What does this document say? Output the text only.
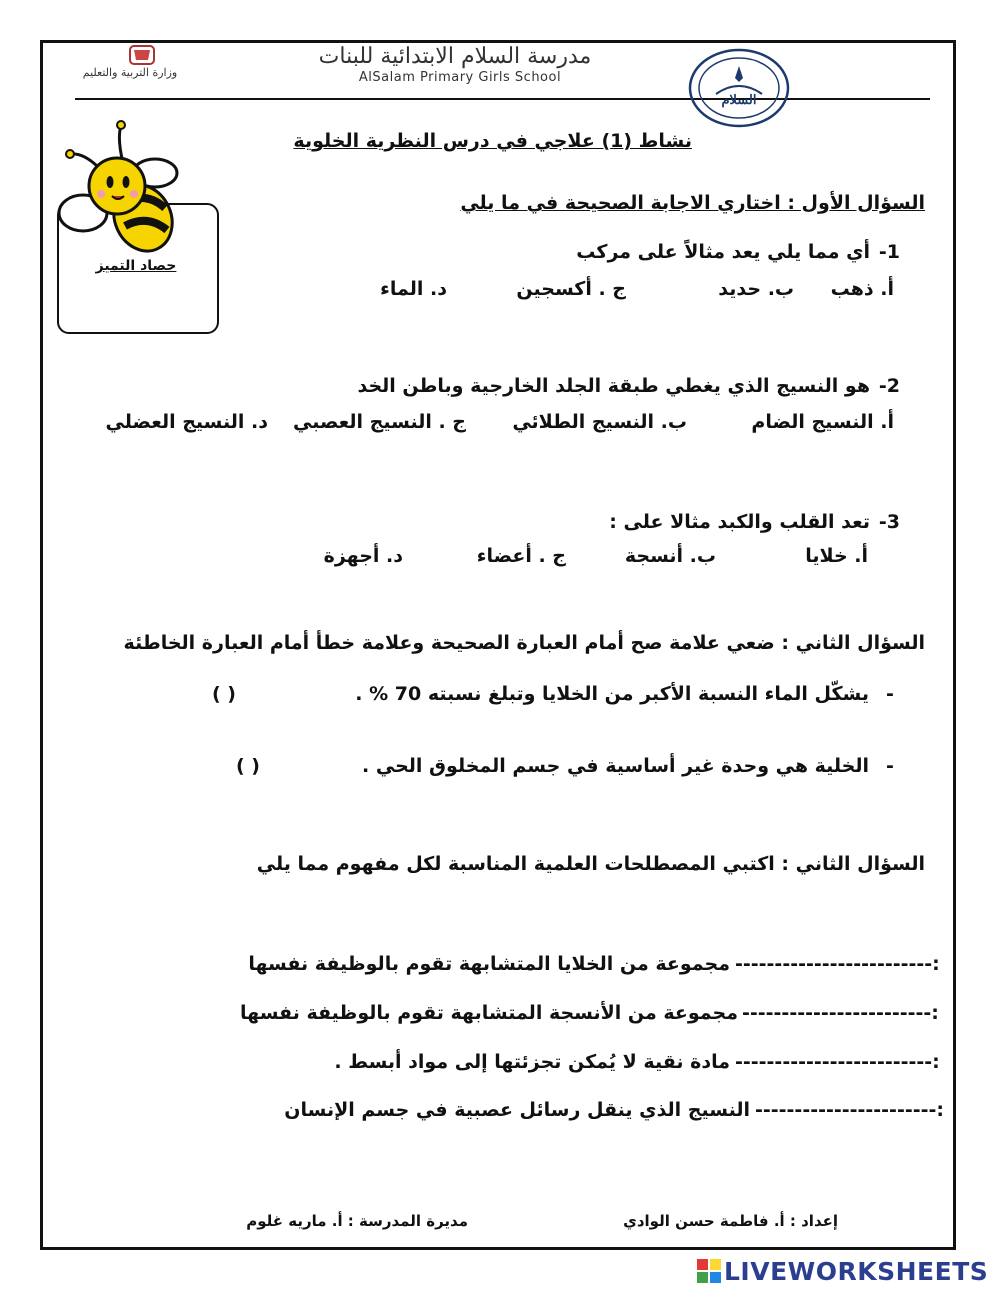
وزارة التربية والتعليم
مدرسة السلام الابتدائية للبنات
AlSalam Primary Girls School
السلام
نشاط (1) علاجي في درس النظرية الخلوية
حصاد التميز
السؤال الأول : اختاري الاجابة الصحيحة في ما يلي
-1
أي مما يلي يعد مثالاً على مركب
أ. ذهب
ب. حديد
ج . أكسجين
د. الماء
-2
هو النسيج الذي يغطي طبقة الجلد الخارجية وباطن الخد
أ. النسيج الضام
ب. النسيج الطلائي
ج . النسيج العصبي
د. النسيج العضلي
-3
تعد القلب والكبد مثالا على :
أ. خلايا
ب. أنسجة
ج . أعضاء
د. أجهزة
السؤال الثاني : ضعي علامة صح أمام العبارة الصحيحة وعلامة خطأ أمام العبارة الخاطئة
-
يشكّل الماء النسبة الأكبر من الخلايا وتبلغ نسبته 70 % .
( )
-
الخلية هي وحدة غير أساسية في جسم المخلوق الحي .
( )
السؤال الثاني : اكتبي المصطلحات العلمية المناسبة لكل مفهوم مما يلي
-------------------------:
مجموعة من الخلايا المتشابهة تقوم بالوظيفة نفسها
------------------------:
مجموعة من الأنسجة المتشابهة تقوم بالوظيفة نفسها
-------------------------:
مادة نقية لا يُمكن تجزئتها إلى مواد أبسط .
-----------------------:
النسيج الذي ينقل رسائل عصبية في جسم الإنسان
إعداد : أ. فاطمة حسن الوادي
مديرة المدرسة : أ. ماريه غلوم
LIVEWORKSHEETS
